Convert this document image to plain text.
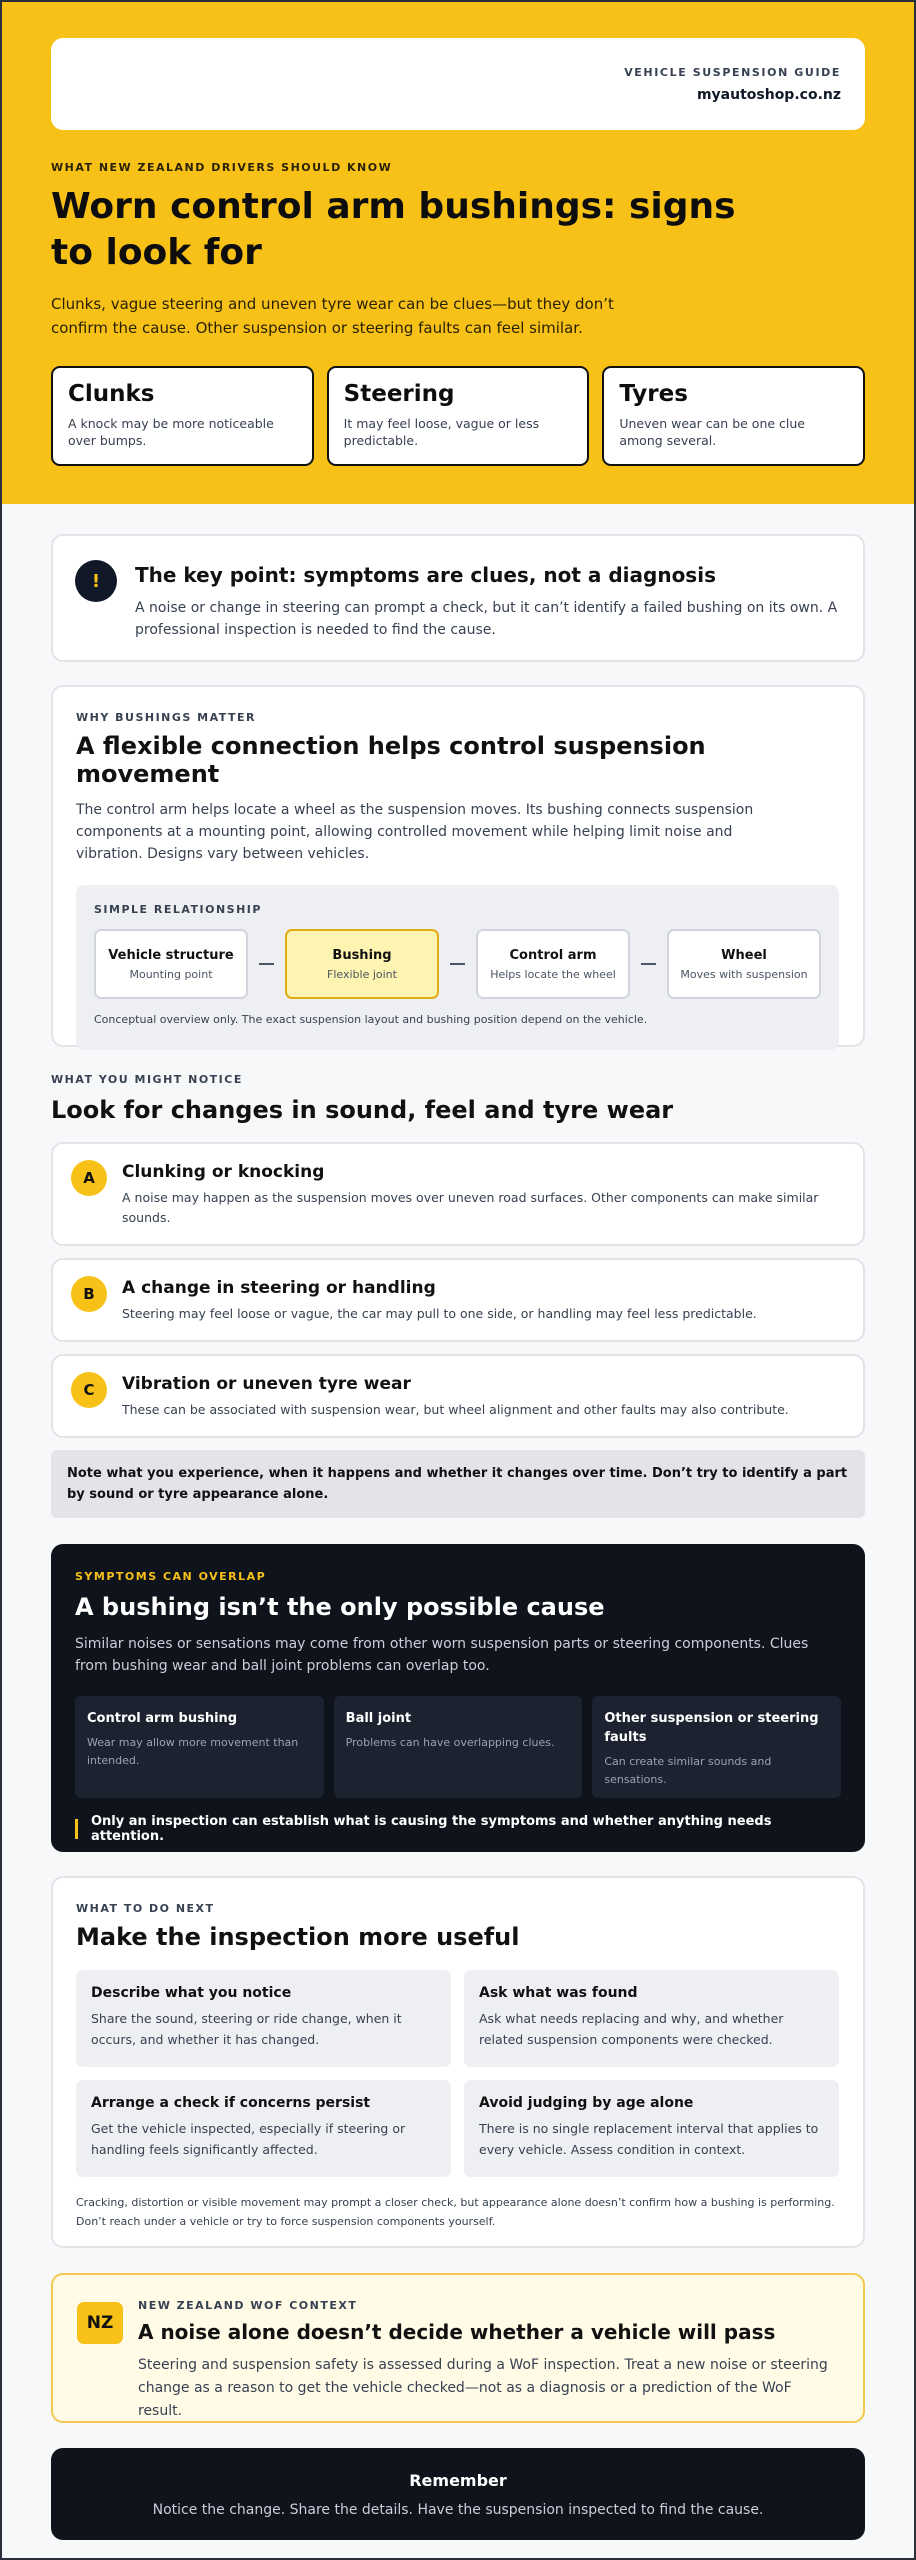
VEHICLE SUSPENSION GUIDE
myautoshop.co.nz
WHAT NEW ZEALAND DRIVERS SHOULD KNOW
Worn control arm bushings: signs to look for

Clunks, vague steering and uneven tyre wear can be clues—but they don’t confirm the cause. Other suspension or steering faults can feel similar.

Clunks
A knock may be more noticeable over bumps.
Steering
It may feel loose, vague or less predictable.
Tyres
Uneven wear can be one clue among several.
!	The key point: symptoms are clues, not a diagnosis
A noise or change in steering can prompt a check, but it can’t identify a failed bushing on its own. A professional inspection is needed to find the cause.
WHY BUSHINGS MATTER
A flexible connection helps control suspension movement

The control arm helps locate a wheel as the suspension moves. Its bushing connects suspension components at a mounting point, allowing controlled movement while helping limit noise and vibration. Designs vary between vehicles.

SIMPLE RELATIONSHIP
Vehicle structure
Mounting point
Bushing
Flexible joint
Control arm
Helps locate the wheel
Wheel
Moves with suspension
Conceptual overview only. The exact suspension layout and bushing position depend on the vehicle.
WHAT YOU MIGHT NOTICE
Look for changes in sound, feel and tyre wear
A	Clunking or knocking
A noise may happen as the suspension moves over uneven road surfaces. Other components can make similar sounds.
B	A change in steering or handling
Steering may feel loose or vague, the car may pull to one side, or handling may feel less predictable.
C	Vibration or uneven tyre wear
These can be associated with suspension wear, but wheel alignment and other faults may also contribute.
Note what you experience, when it happens and whether it changes over time. Don’t try to identify a part by sound or tyre appearance alone.
SYMPTOMS CAN OVERLAP
A bushing isn’t the only possible cause
Similar noises or sensations may come from other worn suspension parts or steering components. Clues from bushing wear and ball joint problems can overlap too.
Control arm bushing
Wear may allow more movement than intended.
Ball joint
Problems can have overlapping clues.
Other suspension or steering faults
Can create similar sounds and sensations.
Only an inspection can establish what is causing the symptoms and whether anything needs attention.
WHAT TO DO NEXT
Make the inspection more useful
Describe what you notice
Share the sound, steering or ride change, when it occurs, and whether it has changed.
Ask what was found
Ask what needs replacing and why, and whether related suspension components were checked.
Arrange a check if concerns persist
Get the vehicle inspected, especially if steering or handling feels significantly affected.
Avoid judging by age alone
There is no single replacement interval that applies to every vehicle. Assess condition in context.

Cracking, distortion or visible movement may prompt a closer check, but appearance alone doesn’t confirm how a bushing is performing. Don’t reach under a vehicle or try to force suspension components yourself.

NZ
NEW ZEALAND WOF CONTEXT
A noise alone doesn’t decide whether a vehicle will pass
Steering and suspension safety is assessed during a WoF inspection. Treat a new noise or steering change as a reason to get the vehicle checked—not as a diagnosis or a prediction of the WoF result.
Remember
Notice the change. Share the details. Have the suspension inspected to find the cause.
